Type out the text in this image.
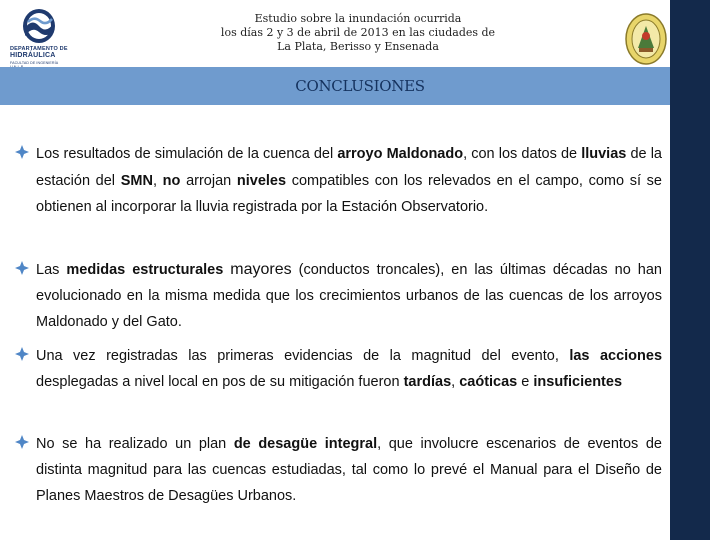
DEPARTAMENTO DE
HIDRÁULICA
FACULTAD DE INGENIERÍA
Estudio sobre la inundación ocurrida
los días 2 y 3 de abril de 2013 en las ciudades de
La Plata, Berisso y Ensenada
CONCLUSIONES
Los resultados de simulación de la cuenca del arroyo Maldonado, con los datos de lluvias de la estación del SMN, no arrojan niveles compatibles con los relevados en el campo, como sí se obtienen al incorporar la lluvia registrada por la Estación Observatorio.
Las medidas estructurales mayores (conductos troncales), en las últimas décadas no han evolucionado en la misma medida que los crecimientos urbanos de las cuencas de los arroyos Maldonado y del Gato.
Una vez registradas las primeras evidencias de la magnitud del evento, las acciones desplegadas a nivel local en pos de su mitigación fueron tardías, caóticas e insuficientes
No se ha realizado un plan de desagüe integral, que involucre escenarios de eventos de distinta magnitud para las cuencas estudiadas, tal como lo prevé el Manual para el Diseño de Planes Maestros de Desagües Urbanos.
